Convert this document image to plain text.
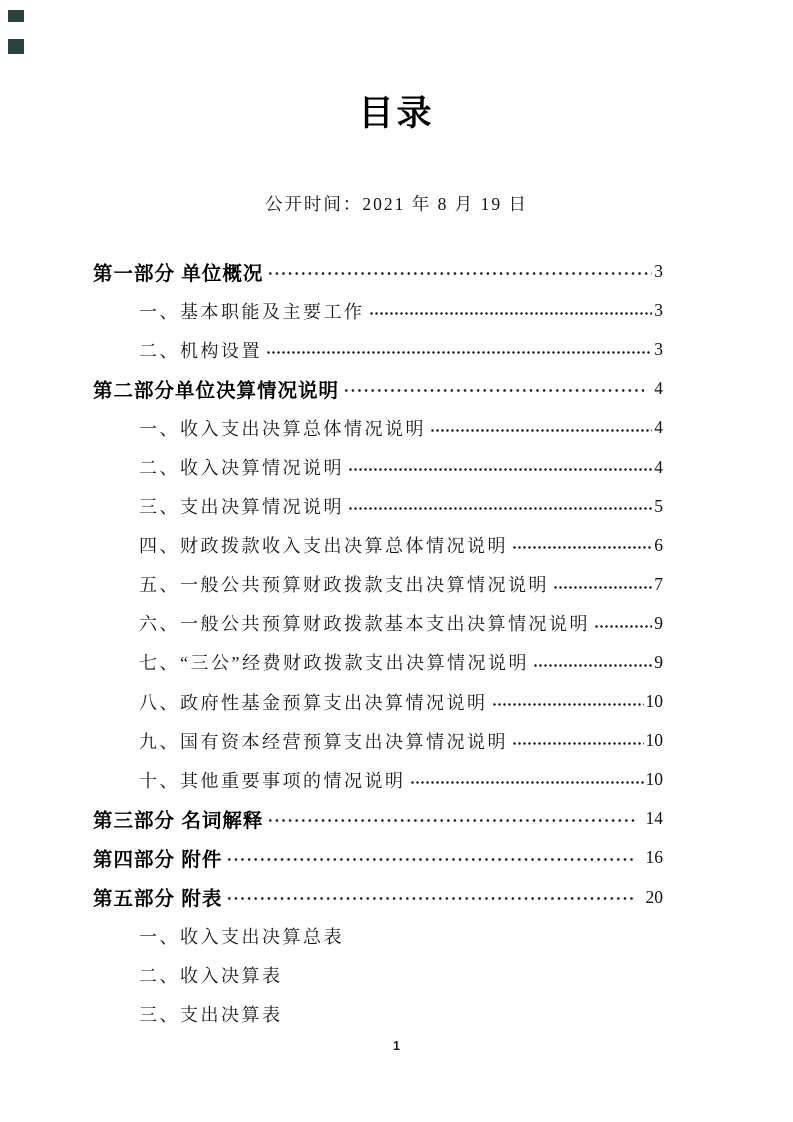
目录
公开时间：2021 年 8 月 19 日
第一部分 单位概况	3
一、基本职能及主要工作	3
二、机构设置	3
第二部分单位决算情况说明	4
一、收入支出决算总体情况说明	4
二、收入决算情况说明	4
三、支出决算情况说明	5
四、财政拨款收入支出决算总体情况说明	6
五、一般公共预算财政拨款支出决算情况说明	7
六、一般公共预算财政拨款基本支出决算情况说明	9
七、“三公”经费财政拨款支出决算情况说明	9
八、政府性基金预算支出决算情况说明	10
九、国有资本经营预算支出决算情况说明	10
十、其他重要事项的情况说明	10
第三部分 名词解释	14
第四部分 附件	16
第五部分 附表	20
一、收入支出决算总表
二、收入决算表
三、支出决算表
1
